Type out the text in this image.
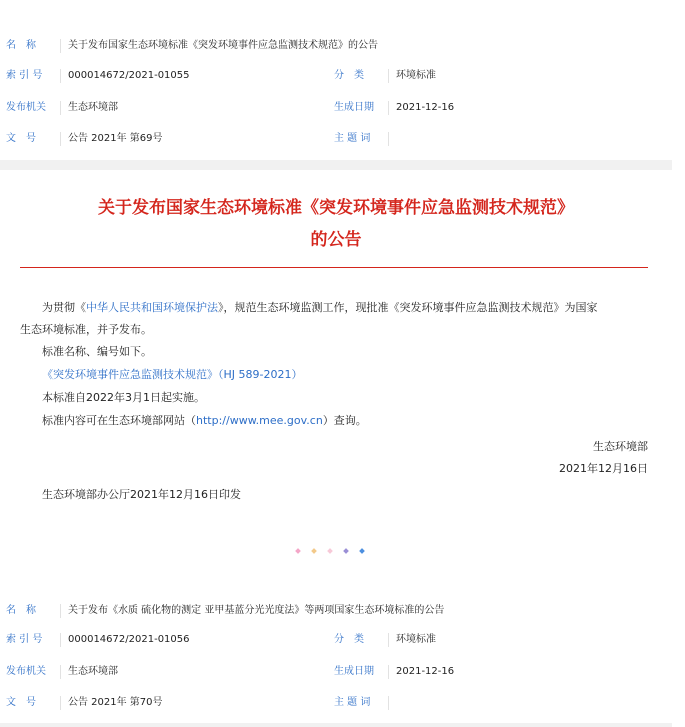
名　称	关于发布国家生态环境标准《突发环境事件应急监测技术规范》的公告
索 引 号	000014672/2021-01055	分　类	环境标准
发布机关 生态环境部	生成日期 2021-12-16
文　号	公告 2021年 第69号	主 题 词
关于发布国家生态环境标准《突发环境事件应急监测技术规范》
的公告
为贯彻《中华人民共和国环境保护法》，规范生态环境监测工作，现批准《突发环境事件应急监测技术规范》为国家
生态环境标准，并予发布。
标准名称、编号如下。
《突发环境事件应急监测技术规范》（HJ 589-2021）
本标准自2022年3月1日起实施。
标准内容可在生态环境部网站（http://www.mee.gov.cn）查询。
生态环境部
2021年12月16日
生态环境部办公厅2021年12月16日印发
名　称	关于发布《水质 硫化物的测定 亚甲基蓝分光光度法》等两项国家生态环境标准的公告
索 引 号	000014672/2021-01056	分　类	环境标准
发布机关 生态环境部	生成日期 2021-12-16
文　号	公告 2021年 第70号	主 题 词
